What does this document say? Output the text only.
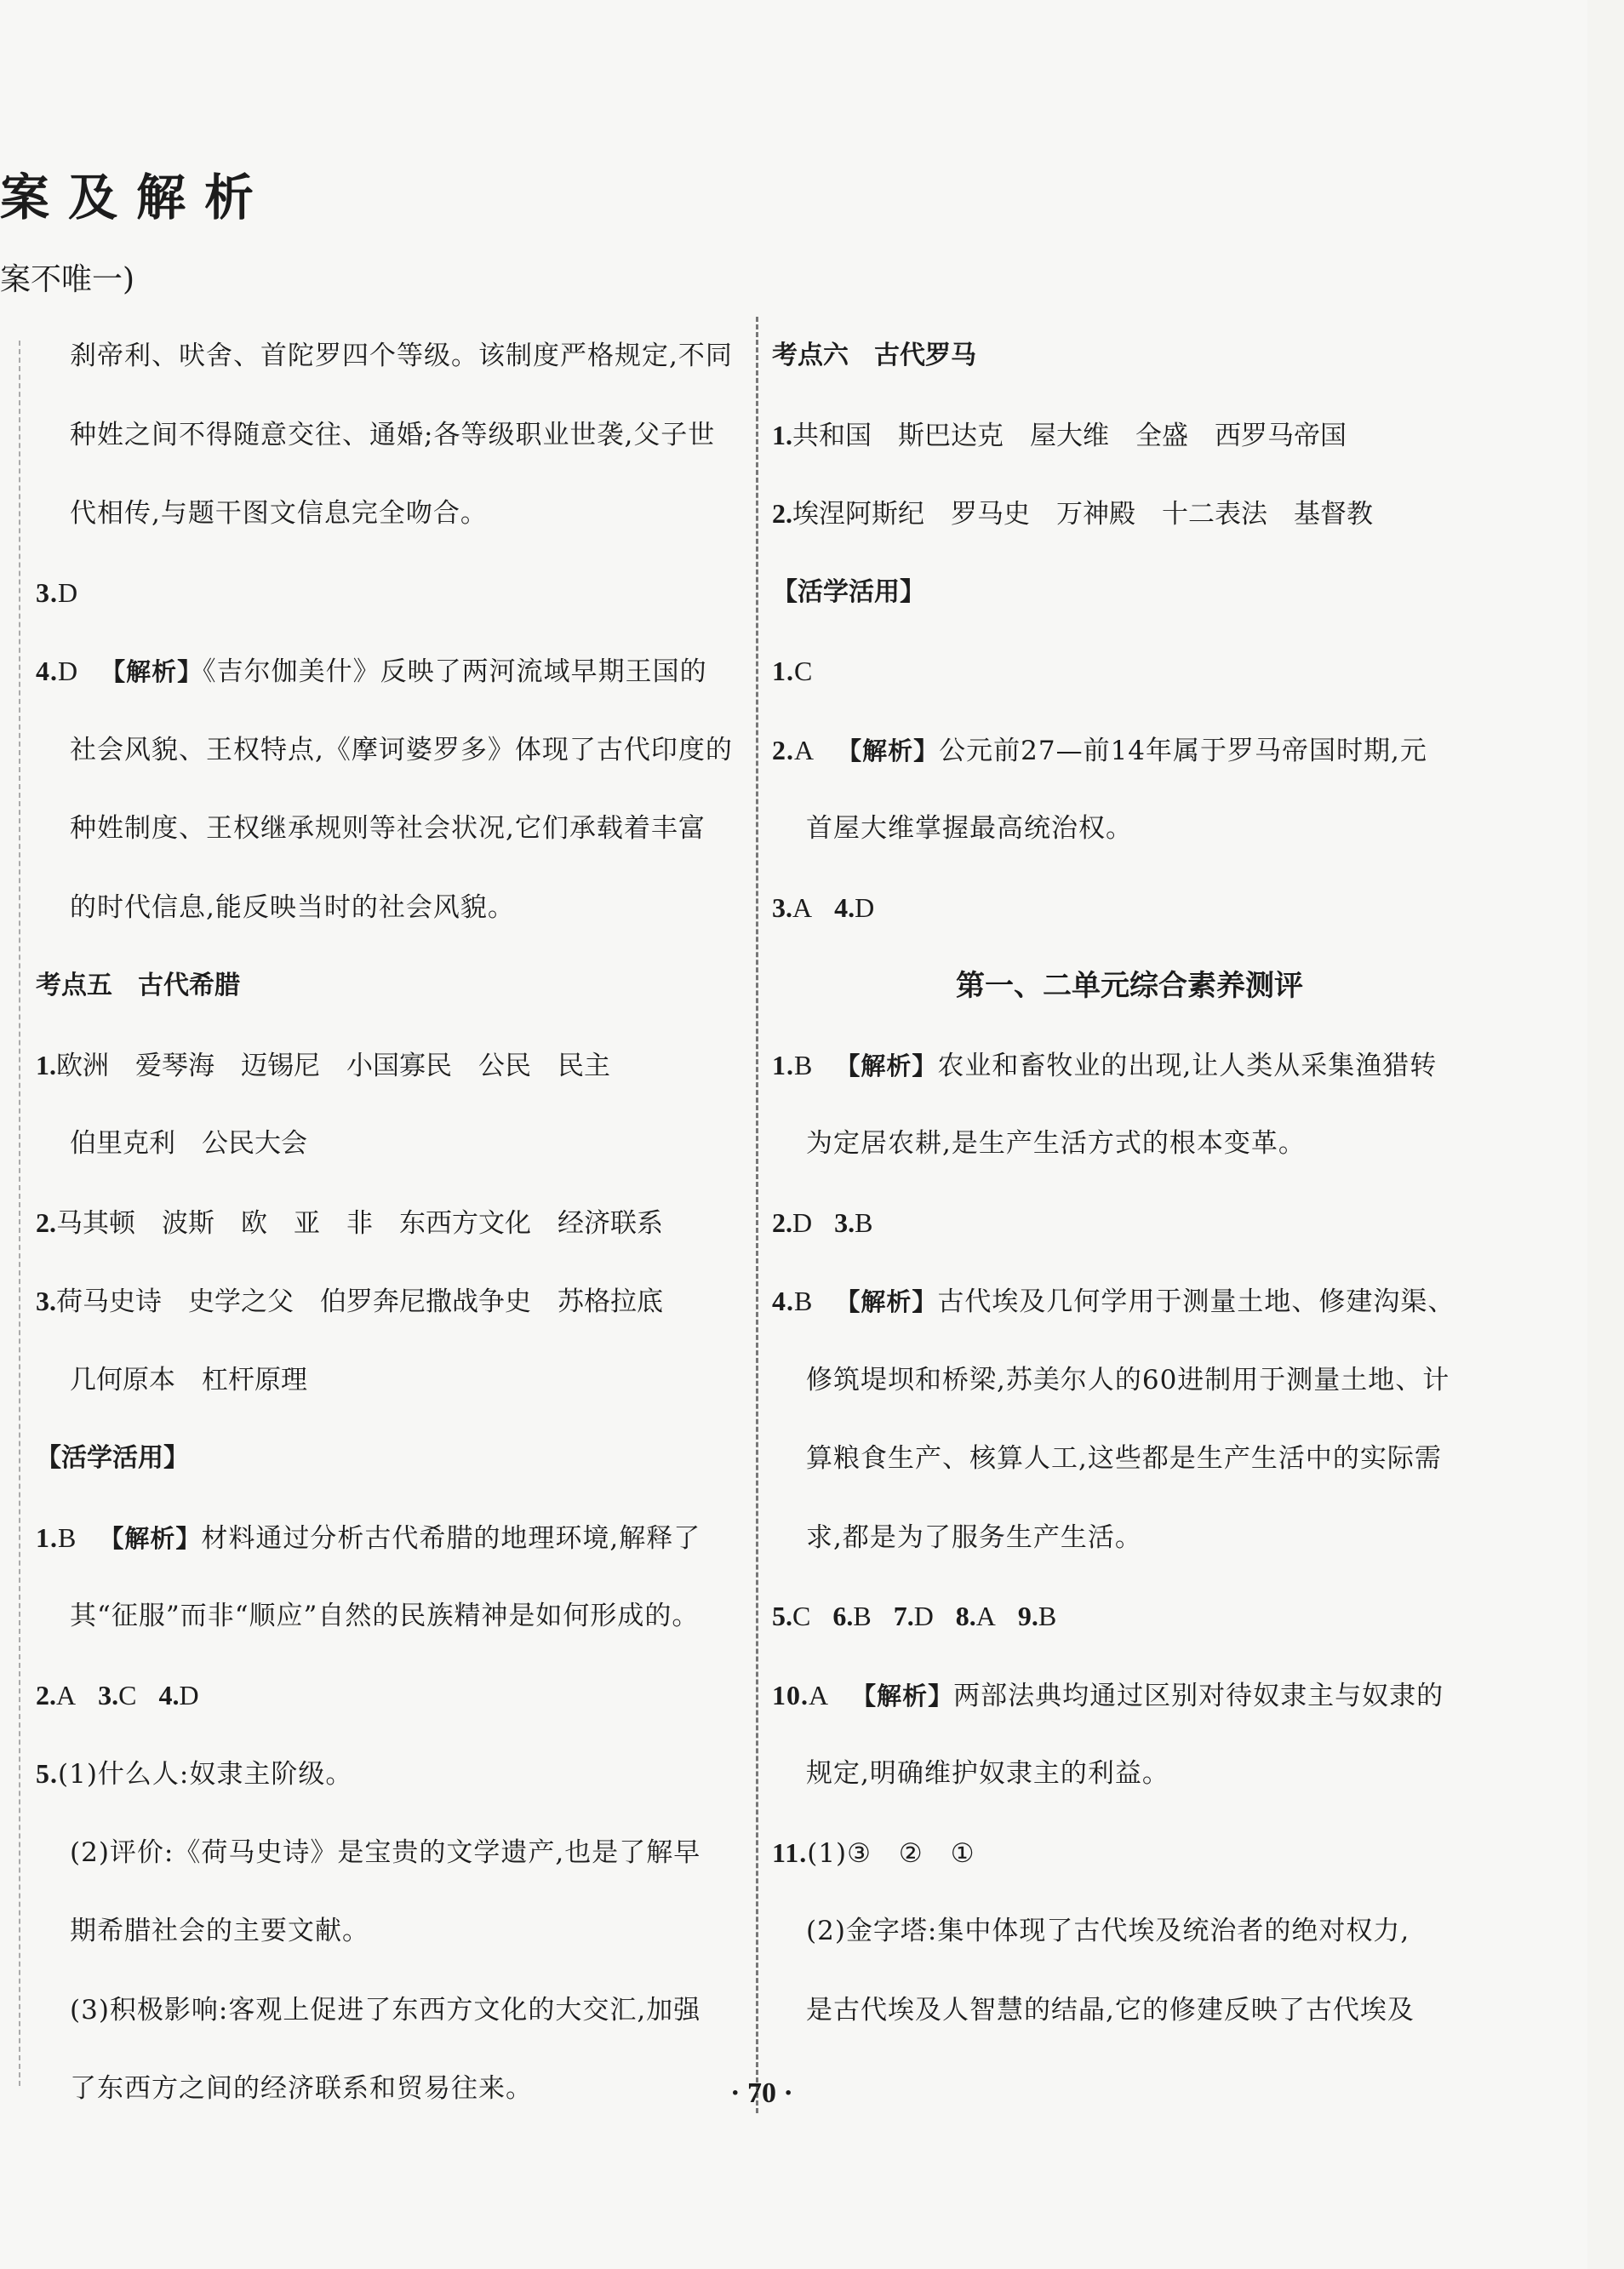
案及解析
案不唯一)
刹帝利、吠舍、首陀罗四个等级。该制度严格规定,不同
种姓之间不得随意交往、通婚;各等级职业世袭,父子世
代相传,与题干图文信息完全吻合。
3.D
4.D 【解析】《吉尔伽美什》反映了两河流域早期王国的
社会风貌、王权特点,《摩诃婆罗多》体现了古代印度的
种姓制度、王权继承规则等社会状况,它们承载着丰富
的时代信息,能反映当时的社会风貌。
考点五　古代希腊
1.欧洲　爱琴海　迈锡尼　小国寡民　公民　民主
伯里克利　公民大会
2.马其顿　波斯　欧　亚　非　东西方文化　经济联系
3.荷马史诗　史学之父　伯罗奔尼撒战争史　苏格拉底
几何原本　杠杆原理
【活学活用】
1.B 【解析】材料通过分析古代希腊的地理环境,解释了
其“征服”而非“顺应”自然的民族精神是如何形成的。
2.A 3.C 4.D
5.(1)什么人:奴隶主阶级。
(2)评价:《荷马史诗》是宝贵的文学遗产,也是了解早
期希腊社会的主要文献。
(3)积极影响:客观上促进了东西方文化的大交汇,加强
了东西方之间的经济联系和贸易往来。
考点六　古代罗马
1.共和国　斯巴达克　屋大维　全盛　西罗马帝国
2.埃涅阿斯纪　罗马史　万神殿　十二表法　基督教
【活学活用】
1.C
2.A 【解析】公元前27—前14年属于罗马帝国时期,元
首屋大维掌握最高统治权。
3.A 4.D
第一、二单元综合素养测评
1.B 【解析】农业和畜牧业的出现,让人类从采集渔猎转
为定居农耕,是生产生活方式的根本变革。
2.D 3.B
4.B 【解析】古代埃及几何学用于测量土地、修建沟渠、
修筑堤坝和桥梁,苏美尔人的60进制用于测量土地、计
算粮食生产、核算人工,这些都是生产生活中的实际需
求,都是为了服务生产生活。
5.C 6.B 7.D 8.A 9.B
10.A 【解析】两部法典均通过区别对待奴隶主与奴隶的
规定,明确维护奴隶主的利益。
11.(1)③　②　①
(2)金字塔:集中体现了古代埃及统治者的绝对权力,
是古代埃及人智慧的结晶,它的修建反映了古代埃及
· 70 ·
